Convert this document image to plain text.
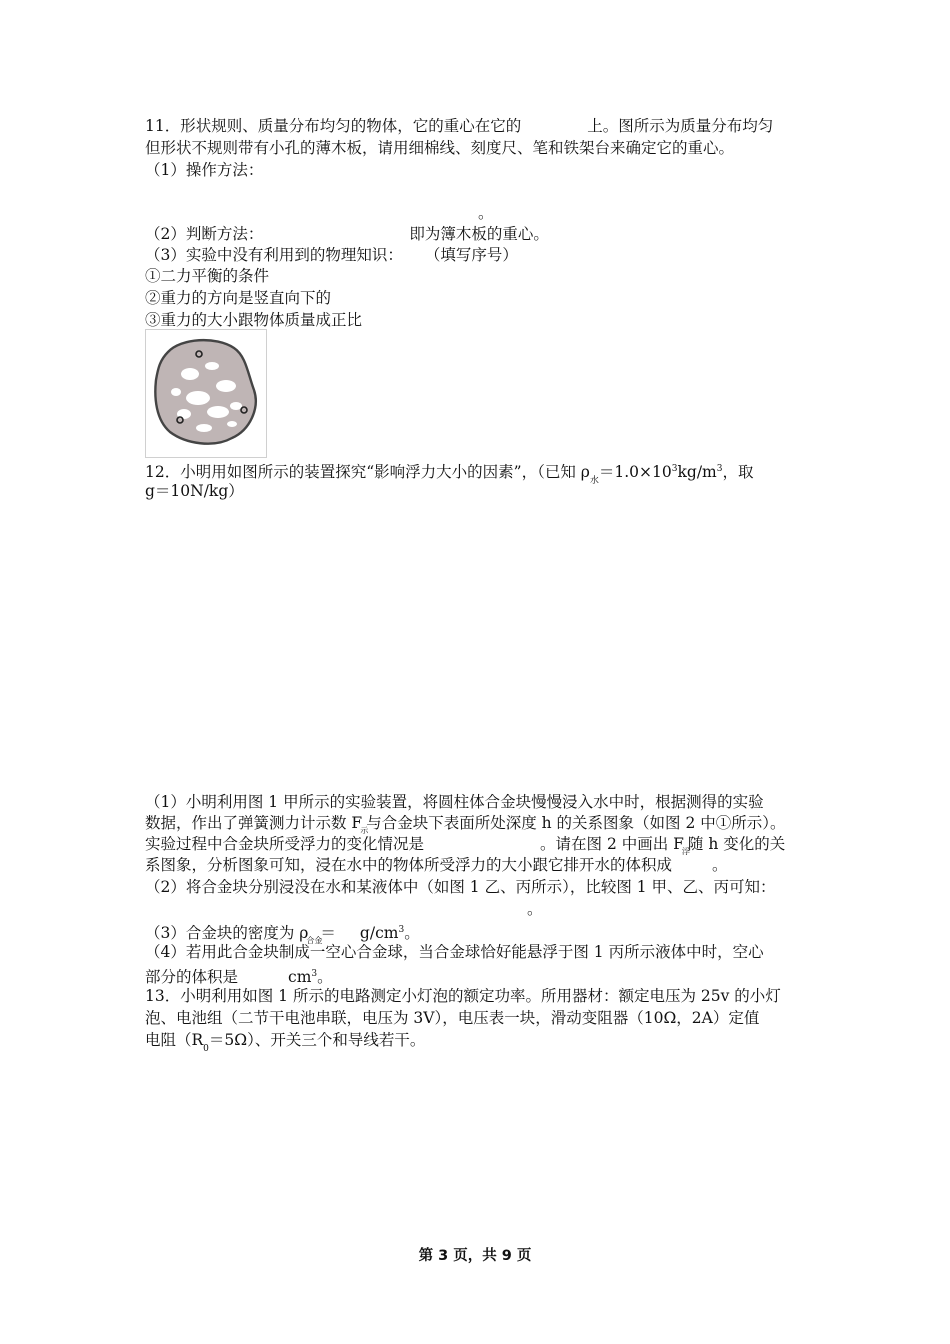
11．形状规则、质量分布均匀的物体，它的重心在它的	上。图所示为质量分布均匀
但形状不规则带有小孔的薄木板，请用细棉线、刻度尺、笔和铁架台来确定它的重心。
（1）操作方法：
。
（2）判断方法：	即为簿木板的重心。
（3）实验中没有利用到的物理知识： （填写序号）
①二力平衡的条件
②重力的方向是竖直向下的
③重力的大小跟物体质量成正比
12．小明用如图所示的装置探究“影响浮力大小的因素”，（已知 $\rho_水=1.0\times 10^3kg/m^3$，取
g＝10N/kg）
（1）小明利用图 1 甲所示的实验装置，将圆柱体合金块慢慢浸入水中时，根据测得的实验
数据，作出了弹簧测力计示数 $F_示$与合金块下表面所处深度 h 的关系图象（如图 2 中①所示）。
实验过程中合金块所受浮力的变化情况是	。请在图 2 中画出 $F_浮$随 h 变化的关
系图象，分析图象可知，浸在水中的物体所受浮力的大小跟它排开水的体积成	。
（2）将合金块分别浸没在水和某液体中（如图 1 乙、丙所示），比较图 1 甲、乙、丙可知：
。
（3）合金块的密度为 $\rho_{合金}= g/cm^3$。
（4）若用此合金块制成一空心合金球，当合金球恰好能悬浮于图 1 丙所示液体中时，空心
部分的体积是	$cm^3$。
13．小明利用如图 1 所示的电路测定小灯泡的额定功率。所用器材：额定电压为 25v 的小灯
泡、电池组（二节干电池串联，电压为 3V），电压表一块，滑动变阻器（10Ω，2A）定值
电阻$(R_0=5\Omega)$、开关三个和导线若干。
第 3 页，共 9 页
